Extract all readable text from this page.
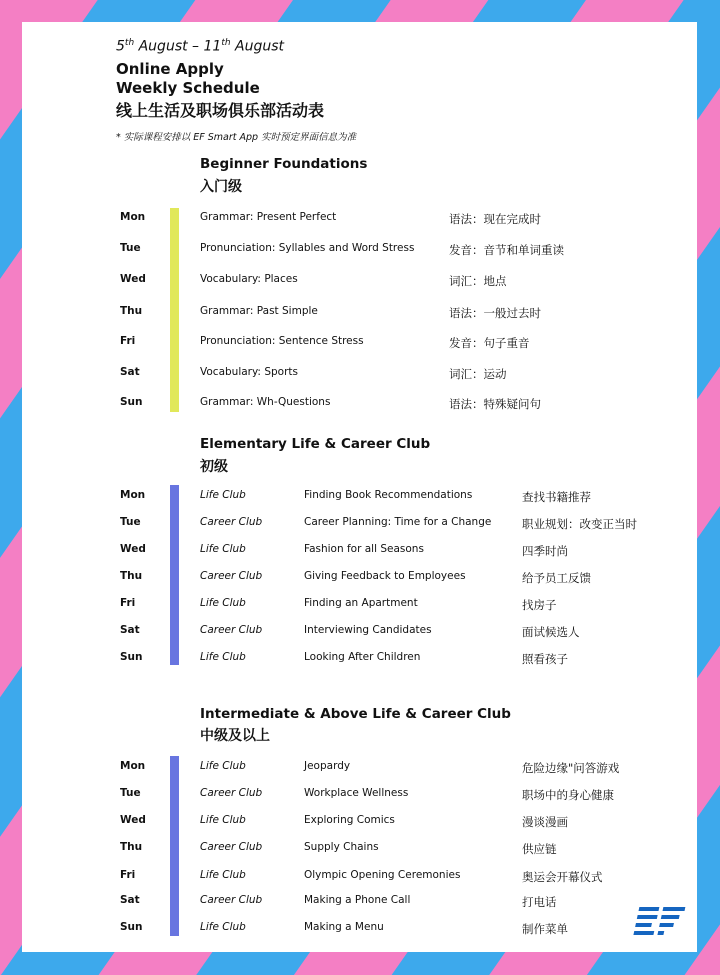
5th August – 11th August
Online Apply
Weekly Schedule
线上生活及职场俱乐部活动表
* 实际课程安排以 EF Smart App 实时预定界面信息为准
Beginner Foundations
入门级
Mon	Grammar: Present Perfect	语法：现在完成时
Tue	Pronunciation: Syllables and Word Stress	发音：音节和单词重读
Wed	Vocabulary: Places	词汇：地点
Thu	Grammar: Past Simple	语法：一般过去时
Fri	Pronunciation: Sentence Stress	发音：句子重音
Sat	Vocabulary: Sports	词汇：运动
Sun	Grammar: Wh-Questions	语法：特殊疑问句
Elementary Life & Career Club
初级
Mon	Life Club	Finding Book Recommendations	查找书籍推荐
Tue	Career Club	Career Planning: Time for a Change	职业规划：改变正当时
Wed	Life Club	Fashion for all Seasons	四季时尚
Thu	Career Club	Giving Feedback to Employees	给予员工反馈
Fri	Life Club	Finding an Apartment	找房子
Sat	Career Club	Interviewing Candidates	面试候选人
Sun	Life Club	Looking After Children	照看孩子
Intermediate & Above Life & Career Club
中级及以上
Mon	Life Club	Jeopardy	危险边缘"问答游戏
Tue	Career Club	Workplace Wellness	职场中的身心健康
Wed	Life Club	Exploring Comics	漫谈漫画
Thu	Career Club	Supply Chains	供应链
Fri	Life Club	Olympic Opening Ceremonies	奥运会开幕仪式
Sat	Career Club	Making a Phone Call	打电话
Sun	Life Club	Making a Menu	制作菜单
